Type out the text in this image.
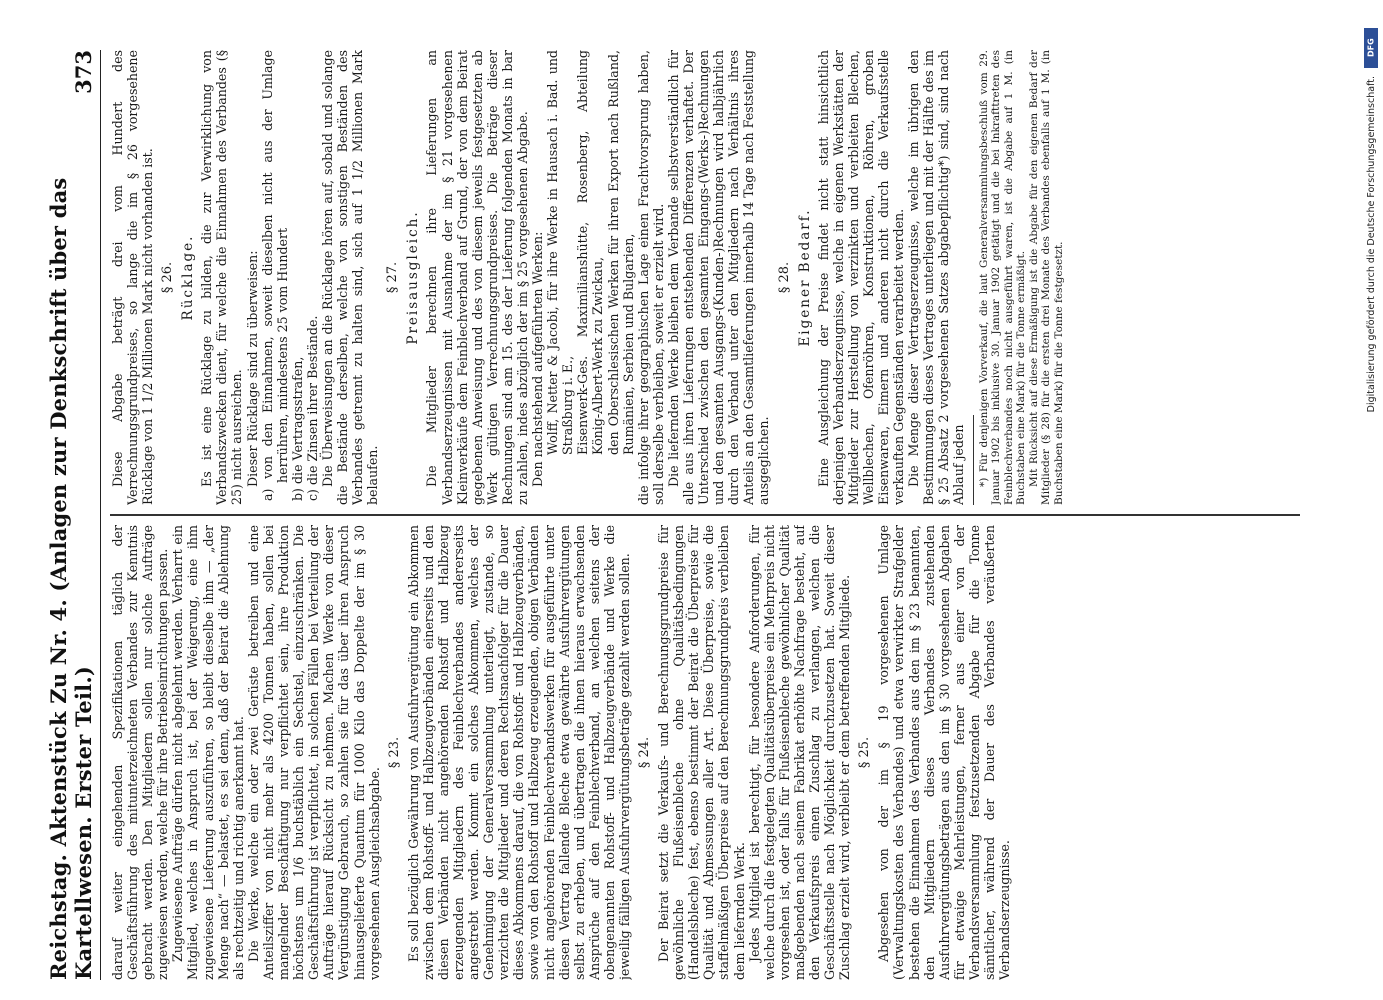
Reichstag. Aktenstück Zu Nr. 4. (Anlagen zur Denkschrift über das Kartellwesen. Erster Teil.)
373

darauf weiter eingehenden Spezifikationen täglich der Geschäftsführung des mitunterzeichneten Verbandes zur Kenntnis gebracht werden. Den Mitgliedern sollen nur solche Aufträge zugewiesen werden, welche für ihre Betriebseinrichtungen passen. Zugewiesene Aufträge dürfen nicht abgelehnt werden. Verharrt ein Mitglied, welches in Anspruch ist, bei der Weigerung, eine ihm zugewiesene Lieferung auszuführen, so bleibt dieselbe ihm — „der Menge nach“ — belastet, es sei denn, daß der Beirat die Ablehnung als rechtzeitig und richtig anerkannt hat. Die Werke, welche ein oder zwei Gerüste betreiben und eine Anteilsziffer von nicht mehr als 4200 Tonnen haben, sollen bei mangelnder Beschäftigung nur verpflichtet sein, ihre Produktion höchstens um 1/6 buchstäblich ein Sechstel, einzuschränken. Die Geschäftsführung ist verpflichtet, in solchen Fällen bei Verteilung der Aufträge hierauf Rücksicht zu nehmen. Machen Werke von dieser Vergünstigung Gebrauch, so zahlen sie für das über ihren Anspruch hinausgelieferte Quantum für 1000 Kilo das Doppelte der im § 30 vorgesehenen Ausgleichsabgabe.

§ 23. Es soll bezüglich Gewährung von Ausfuhrvergütung ein Abkommen zwischen dem Rohstoff- und Halbzeugverbänden einerseits und den diesen Verbänden nicht angehörenden Rohstoff und Halbzeug erzeugenden Mitgliedern des Feinblechverbandes andererseits angestrebt werden. Kommt ein solches Abkommen, welches der Genehmigung der Generalversammlung unterliegt, zustande, so verzichten die Mitglieder und deren Rechtsnachfolger für die Dauer dieses Abkommens darauf, die von Rohstoff- und Halbzeugverbänden, sowie von den Rohstoff und Halbzeug erzeugenden, obigen Verbänden nicht angehörenden Feinblechverbandswerken für ausgeführte unter diesen Vertrag fallende Bleche etwa gewährte Ausfuhrvergütungen selbst zu erheben, und übertragen die ihnen hieraus erwachsenden Ansprüche auf den Feinblechverband, an welchen seitens der obengenannten Rohstoff- und Halbzeugverbände und Werke die jeweilig fälligen Ausfuhrvergütungsbeträge gezahlt werden sollen. § 24. Der Beirat setzt die Verkaufs- und Berechnungsgrundpreise für gewöhnliche Flußeisenbleche ohne Qualitätsbedingungen (Handelsbleche) fest, ebenso bestimmt der Beirat die Überpreise für Qualität und Abmessungen aller Art. Diese Überpreise, sowie die staffelmäßigen Überpreise auf den Berechnungsgrundpreis verbleiben dem liefernden Werk. Jedes Mitglied ist berechtigt, für besondere Anforderungen, für welche durch die festgelegten Qualitätsüberpreise ein Mehrpreis nicht vorgesehen ist, oder falls für Flußeisenbleche gewöhnlicher Qualität maßgebenden nach seinem Fabrikat erhöhte Nachfrage besteht, auf den Verkaufspreis einen Zuschlag zu verlangen, welchen die Geschäftsstelle nach Möglichkeit durchzusetzen hat. Soweit dieser Zuschlag erzielt wird, verbleibt er dem betreffenden Mitgliede. § 25. Abgesehen von der im § 19 vorgesehenen Umlage (Verwaltungskosten des Verbandes) und etwa verwirkter Strafgelder bestehen die Einnahmen des Verbandes aus den im § 23 benannten, den Mitgliedern dieses Verbandes zustehenden Ausfuhrvergütungsbeträgen aus den im § 30 vorgesehenen Abgaben für etwaige Mehrleistungen, ferner aus einer von der Verbandsversammlung festzusetzenden Abgabe für die Tonne sämtlicher, während der Dauer des Verbandes veräußerten Verbandserzeugnisse.

Diese Abgabe beträgt drei vom Hundert des Verrechnungsgrundpreises, so lange die im § 26 vorgesehene Rücklage von 1 1/2 Millionen Mark nicht vorhanden ist. § 26. Rücklage. Es ist eine Rücklage zu bilden, die zur Verwirklichung von Verbandszwecken dient, für welche die Einnahmen des Verbandes (§ 25) nicht ausreichen. Dieser Rücklage sind zu überweisen: a) von den Einnahmen, soweit dieselben nicht aus der Umlage herrühren, mindestens 25 vom Hundert b) die Vertragsstrafen, c) die Zinsen ihrer Bestände. Die Überweisungen an die Rücklage hören auf, sobald und solange die Bestände derselben, welche von sonstigen Beständen des Verbandes getrennt zu halten sind, sich auf 1 1/2 Millionen Mark belaufen.

§ 27. Preisausgleich. Die Mitglieder berechnen ihre Lieferungen an Verbandserzeugnissen mit Ausnahme der im § 21 vorgesehenen Kleinverkäufe dem Feinblechverband auf Grund, der von dem Beirat gegebenen Anweisung und des von diesem jeweils festgesetzten ab Werk gültigen Verrechnungsgrundpreises. Die Beträge dieser Rechnungen sind am 15. des der Lieferung folgenden Monats in bar zu zahlen, indes abzüglich der im § 25 vorgesehenen Abgabe. Den nachstehend aufgeführten Werken: Wolff, Netter & Jacobi, für ihre Werke in Hausach i. Bad. und Straßburg i. E., Eisenwerk-Ges. Maximilianshütte, Rosenberg, Abteilung König-Albert-Werk zu Zwickau, den Oberschlesischen Werken für ihren Export nach Rußland, Rumänien, Serbien und Bulgarien, die infolge ihrer geographischen Lage einen Frachtvorsprung haben, soll derselbe verbleiben, soweit er erzielt wird. Die liefernden Werke bleiben dem Verbande selbstverständlich für alle aus ihren Lieferungen entstehenden Differenzen verhaftet. Der Unterschied zwischen den gesamten Eingangs-(Werks-)Rechnungen und den gesamten Ausgangs-(Kunden-)Rechnungen wird halbjährlich durch den Verband unter den Mitgliedern nach Verhältnis ihres Anteils an den Gesamtlieferungen innerhalb 14 Tage nach Feststellung ausgeglichen.

§ 28. Eigener Bedarf. Eine Ausgleichung der Preise findet nicht statt hinsichtlich derjenigen Verbandserzeugnisse, welche in eigenen Werkstätten der Mitglieder zur Herstellung von verzinkten und verbleiten Blechen, Wellblechen, Ofenröhren, Konstruktionen, Röhren, groben Eisenwaren, Eimern und anderen nicht durch die Verkaufsstelle verkauften Gegenständen verarbeitet werden. Die Menge dieser Vertragserzeugnisse, welche im übrigen den Bestimmungen dieses Vertrages unterliegen und mit der Hälfte des im § 25 Absatz 2 vorgesehenen Satzes abgabepflichtig*) sind, sind nach Ablauf jeden *) Für denjenigen Vorverkauf, die laut Generalversammlungsbeschluß vom 29. Januar 1902 bis inklusive 30. Januar 1902 getätigt und die bei Inkrafttreten des Feinblechverbandes noch nicht ausgeführt waren, ist die Abgabe auf 1 M. (in Buchstaben eine Mark) für die Tonne ermäßigt. Mit Rücksicht auf diese Ermäßigung ist die Abgabe für den eigenen Bedarf der Mitglieder (§ 28) für die ersten drei Monate des Verbandes ebenfalls auf 1 M. (in Buchstaben eine Mark) für die Tonne festgesetzt.

DFG
Digitalisierung gefördert durch die Deutsche Forschungsgemeinschaft.
